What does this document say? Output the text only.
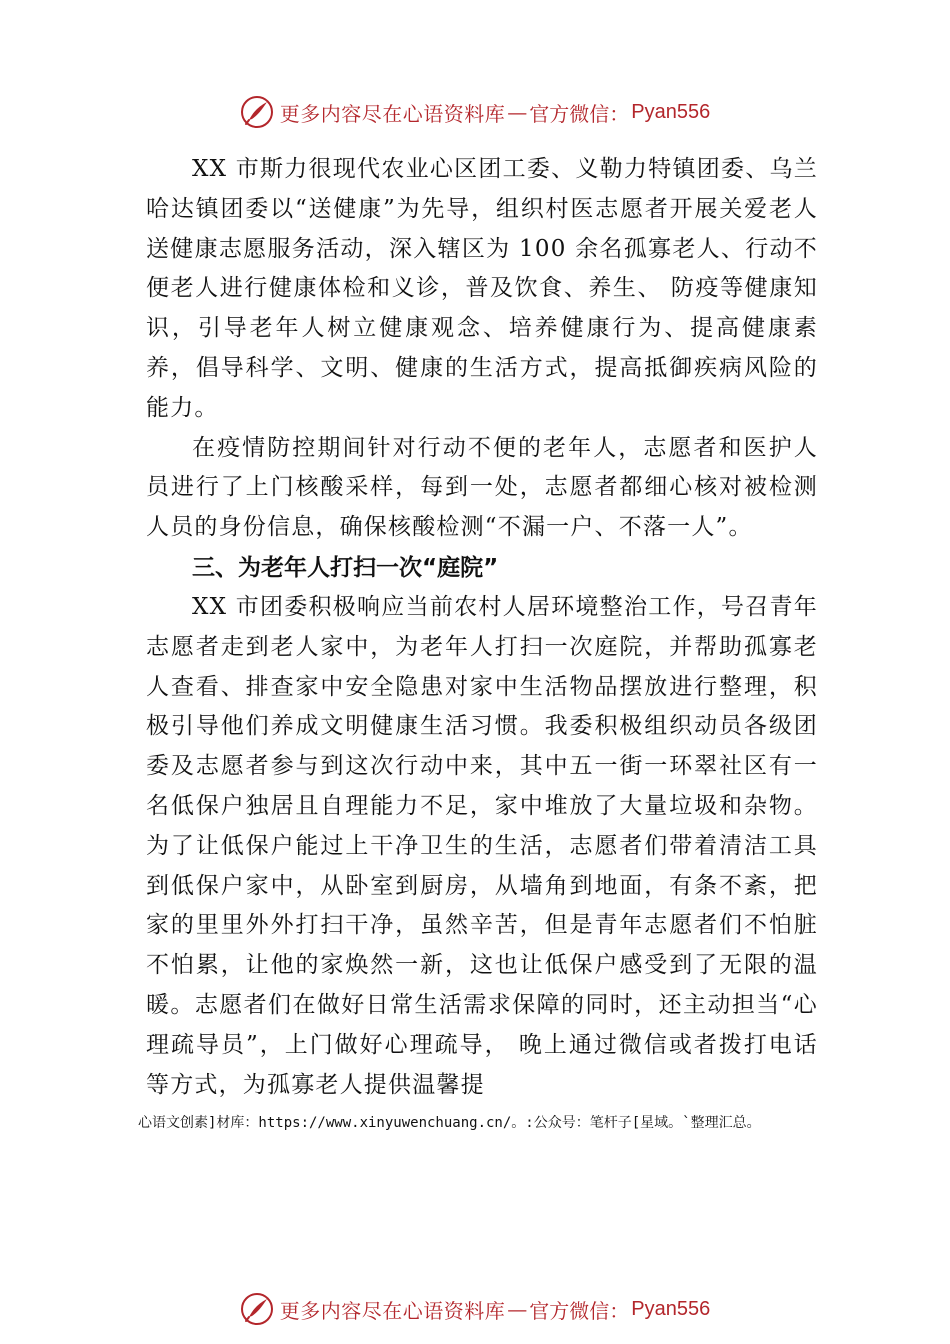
更多内容尽在心语资料库 — 官方微信： Pyan556

XX 市斯力很现代农业心区团工委、义勒力特镇团委、乌兰哈达镇团委以“送健康”为先导，组织村医志愿者开展关爱老人送健康志愿服务活动，深入辖区为 100 余名孤寡老人、行动不便老人进行健康体检和义诊，普及饮食、养生、 防疫等健康知识，引导老年人树立健康观念、培养健康行为、提高健康素养，倡导科学、文明、健康的生活方式，提高抵御疾病风险的能力。

在疫情防控期间针对行动不便的老年人，志愿者和医护人员进行了上门核酸采样，每到一处，志愿者都细心核对被检测人员的身份信息，确保核酸检测“不漏一户、不落一人”。

三、为老年人打扫一次“庭院”

XX 市团委积极响应当前农村人居环境整治工作，号召青年志愿者走到老人家中，为老年人打扫一次庭院，并帮助孤寡老人查看、排查家中安全隐患对家中生活物品摆放进行整理，积极引导他们养成文明健康生活习惯。我委积极组织动员各级团委及志愿者参与到这次行动中来，其中五一街一环翠社区有一名低保户独居且自理能力不足，家中堆放了大量垃圾和杂物。为了让低保户能过上干净卫生的生活，志愿者们带着清洁工具到低保户家中，从卧室到厨房，从墙角到地面，有条不紊，把家的里里外外打扫干净，虽然辛苦，但是青年志愿者们不怕脏不怕累，让他的家焕然一新，这也让低保户感受到了无限的温暖。志愿者们在做好日常生活需求保障的同时，还主动担当“心理疏导员”，上门做好心理疏导， 晚上通过微信或者拨打电话等方式，为孤寡老人提供温馨提

心语文创素]材库：https://www.xinyuwenchuang.cn/。:公众号：笔杆子[星域。`整理汇总。
更多内容尽在心语资料库 — 官方微信： Pyan556
